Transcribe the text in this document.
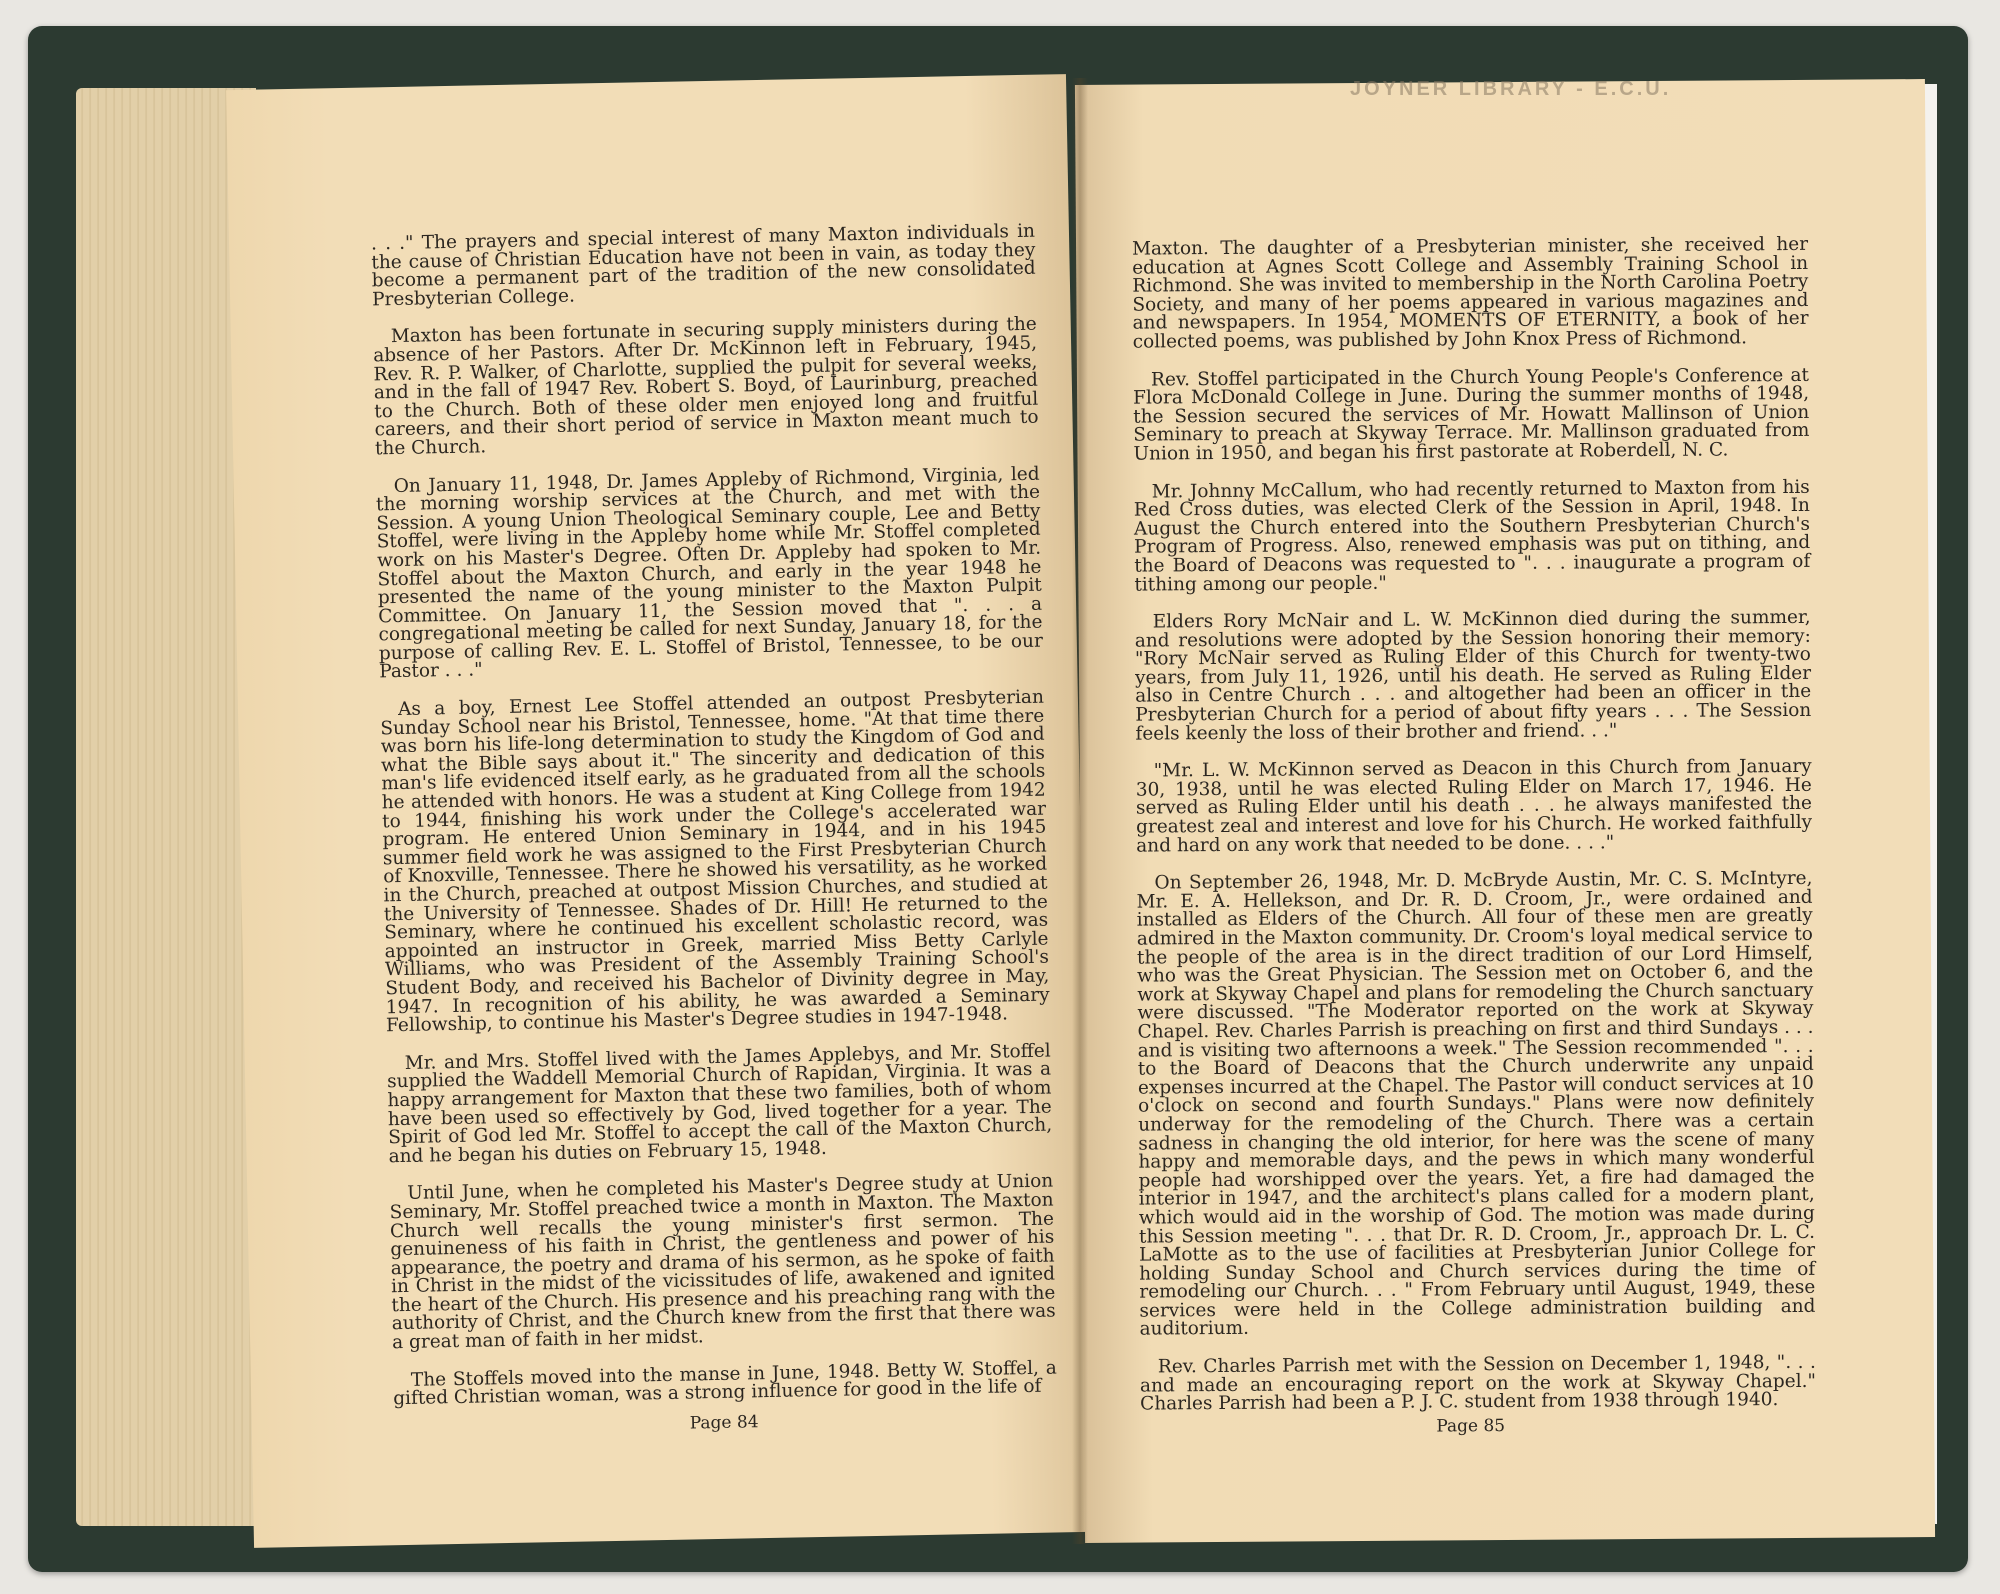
. . ." The prayers and special interest of many Maxton individuals in the cause of Christian Education have not been in vain, as today they become a permanent part of the tradition of the new consolidated Presbyterian College.

Maxton has been fortunate in securing supply ministers during the absence of her Pastors. After Dr. McKinnon left in February, 1945, Rev. R. P. Walker, of Charlotte, supplied the pulpit for several weeks, and in the fall of 1947 Rev. Robert S. Boyd, of Laurinburg, preached to the Church. Both of these older men enjoyed long and fruitful careers, and their short period of service in Maxton meant much to the Church.

On January 11, 1948, Dr. James Appleby of Richmond, Virginia, led the morning worship services at the Church, and met with the Session. A young Union Theological Seminary couple, Lee and Betty Stoffel, were living in the Appleby home while Mr. Stoffel completed work on his Master's Degree. Often Dr. Appleby had spoken to Mr. Stoffel about the Maxton Church, and early in the year 1948 he presented the name of the young minister to the Maxton Pulpit Committee. On January 11, the Session moved that ". . . a congregational meeting be called for next Sunday, January 18, for the purpose of calling Rev. E. L. Stoffel of Bristol, Tennessee, to be our Pastor . . ."

As a boy, Ernest Lee Stoffel attended an outpost Presbyterian Sunday School near his Bristol, Tennessee, home. "At that time there was born his life-long determination to study the Kingdom of God and what the Bible says about it." The sincerity and dedication of this man's life evidenced itself early, as he graduated from all the schools he attended with honors. He was a student at King College from 1942 to 1944, finishing his work under the College's accelerated war program. He entered Union Seminary in 1944, and in his 1945 summer field work he was assigned to the First Presbyterian Church of Knoxville, Tennessee. There he showed his versatility, as he worked in the Church, preached at outpost Mission Churches, and studied at the University of Tennessee. Shades of Dr. Hill! He returned to the Seminary, where he continued his excellent scholastic record, was appointed an instructor in Greek, married Miss Betty Carlyle Williams, who was President of the Assembly Training School's Student Body, and received his Bachelor of Divinity degree in May, 1947. In recognition of his ability, he was awarded a Seminary Fellowship, to continue his Master's Degree studies in 1947-1948.

Mr. and Mrs. Stoffel lived with the James Applebys, and Mr. Stoffel supplied the Waddell Memorial Church of Rapidan, Virginia. It was a happy arrangement for Maxton that these two families, both of whom have been used so effectively by God, lived together for a year. The Spirit of God led Mr. Stoffel to accept the call of the Maxton Church, and he began his duties on February 15, 1948.

Until June, when he completed his Master's Degree study at Union Seminary, Mr. Stoffel preached twice a month in Maxton. The Maxton Church well recalls the young minister's first sermon. The genuineness of his faith in Christ, the gentleness and power of his appearance, the poetry and drama of his sermon, as he spoke of faith in Christ in the midst of the vicissitudes of life, awakened and ignited the heart of the Church. His presence and his preaching rang with the authority of Christ, and the Church knew from the first that there was a great man of faith in her midst.

The Stoffels moved into the manse in June, 1948. Betty W. Stoffel, a gifted Christian woman, was a strong influence for good in the life of

Page 84

Maxton. The daughter of a Presbyterian minister, she received her education at Agnes Scott College and Assembly Training School in Richmond. She was invited to membership in the North Carolina Poetry Society, and many of her poems appeared in various magazines and and newspapers. In 1954, MOMENTS OF ETERNITY, a book of her collected poems, was published by John Knox Press of Richmond.

Rev. Stoffel participated in the Church Young People's Conference at Flora McDonald College in June. During the summer months of 1948, the Session secured the services of Mr. Howatt Mallinson of Union Seminary to preach at Skyway Terrace. Mr. Mallinson graduated from Union in 1950, and began his first pastorate at Roberdell, N. C.

Mr. Johnny McCallum, who had recently returned to Maxton from his Red Cross duties, was elected Clerk of the Session in April, 1948. In August the Church entered into the Southern Presbyterian Church's Program of Progress. Also, renewed emphasis was put on tithing, and the Board of Deacons was requested to ". . . inaugurate a program of tithing among our people."

Elders Rory McNair and L. W. McKinnon died during the summer, and resolutions were adopted by the Session honoring their memory: "Rory McNair served as Ruling Elder of this Church for twenty-two years, from July 11, 1926, until his death. He served as Ruling Elder also in Centre Church . . . and altogether had been an officer in the Presbyterian Church for a period of about fifty years . . . The Session feels keenly the loss of their brother and friend. . ."

"Mr. L. W. McKinnon served as Deacon in this Church from January 30, 1938, until he was elected Ruling Elder on March 17, 1946. He served as Ruling Elder until his death . . . he always manifested the greatest zeal and interest and love for his Church. He worked faithfully and hard on any work that needed to be done. . . ."

On September 26, 1948, Mr. D. McBryde Austin, Mr. C. S. McIntyre, Mr. E. A. Hellekson, and Dr. R. D. Croom, Jr., were ordained and installed as Elders of the Church. All four of these men are greatly admired in the Maxton community. Dr. Croom's loyal medical service to the people of the area is in the direct tradition of our Lord Himself, who was the Great Physician. The Session met on October 6, and the work at Skyway Chapel and plans for remodeling the Church sanctuary were discussed. "The Moderator reported on the work at Skyway Chapel. Rev. Charles Parrish is preaching on first and third Sundays . . . and is visiting two afternoons a week." The Session recommended ". . . to the Board of Deacons that the Church underwrite any unpaid expenses incurred at the Chapel. The Pastor will conduct services at 10 o'clock on second and fourth Sundays." Plans were now definitely underway for the remodeling of the Church. There was a certain sadness in changing the old interior, for here was the scene of many happy and memorable days, and the pews in which many wonderful people had worshipped over the years. Yet, a fire had damaged the interior in 1947, and the architect's plans called for a modern plant, which would aid in the worship of God. The motion was made during this Session meeting ". . . that Dr. R. D. Croom, Jr., approach Dr. L. C. LaMotte as to the use of facilities at Presbyterian Junior College for holding Sunday School and Church services during the time of remodeling our Church. . . " From February until August, 1949, these services were held in the College administration building and auditorium.

Rev. Charles Parrish met with the Session on December 1, 1948, ". . . and made an encouraging report on the work at Skyway Chapel." Charles Parrish had been a P. J. C. student from 1938 through 1940.

Page 85
JOYNER LIBRARY - E.C.U.
